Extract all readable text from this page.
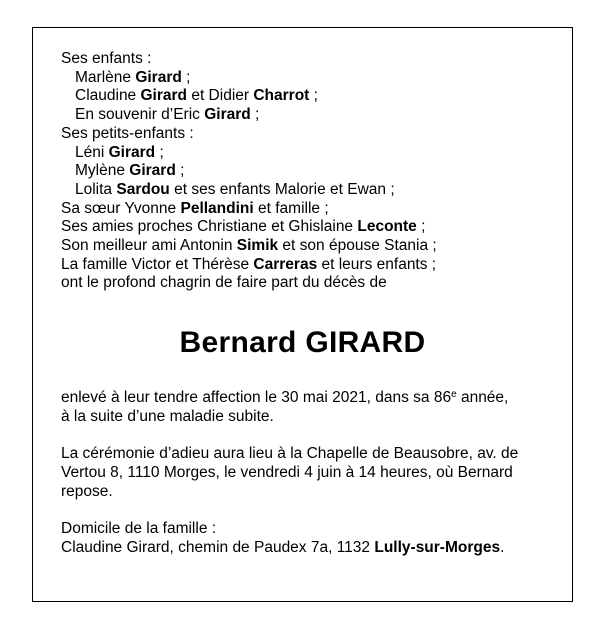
Ses enfants :
Marlène Girard ;
Claudine Girard et Didier Charrot ;
En souvenir d’Eric Girard ;
Ses petits-enfants :
Léni Girard ;
Mylène Girard ;
Lolita Sardou et ses enfants Malorie et Ewan ;
Sa sœur Yvonne Pellandini et famille ;
Ses amies proches Christiane et Ghislaine Leconte ;
Son meilleur ami Antonin Simik et son épouse Stania ;
La famille Victor et Thérèse Carreras et leurs enfants ;
ont le profond chagrin de faire part du décès de
Bernard GIRARD
enlevé à leur tendre affection le 30 mai 2021, dans sa 86e année,
à la suite d’une maladie subite.
La cérémonie d’adieu aura lieu à la Chapelle de Beausobre, av. de
Vertou 8, 1110 Morges, le vendredi 4 juin à 14 heures, où Bernard
repose.
Domicile de la famille :
Claudine Girard, chemin de Paudex 7a, 1132 Lully-sur-Morges.
